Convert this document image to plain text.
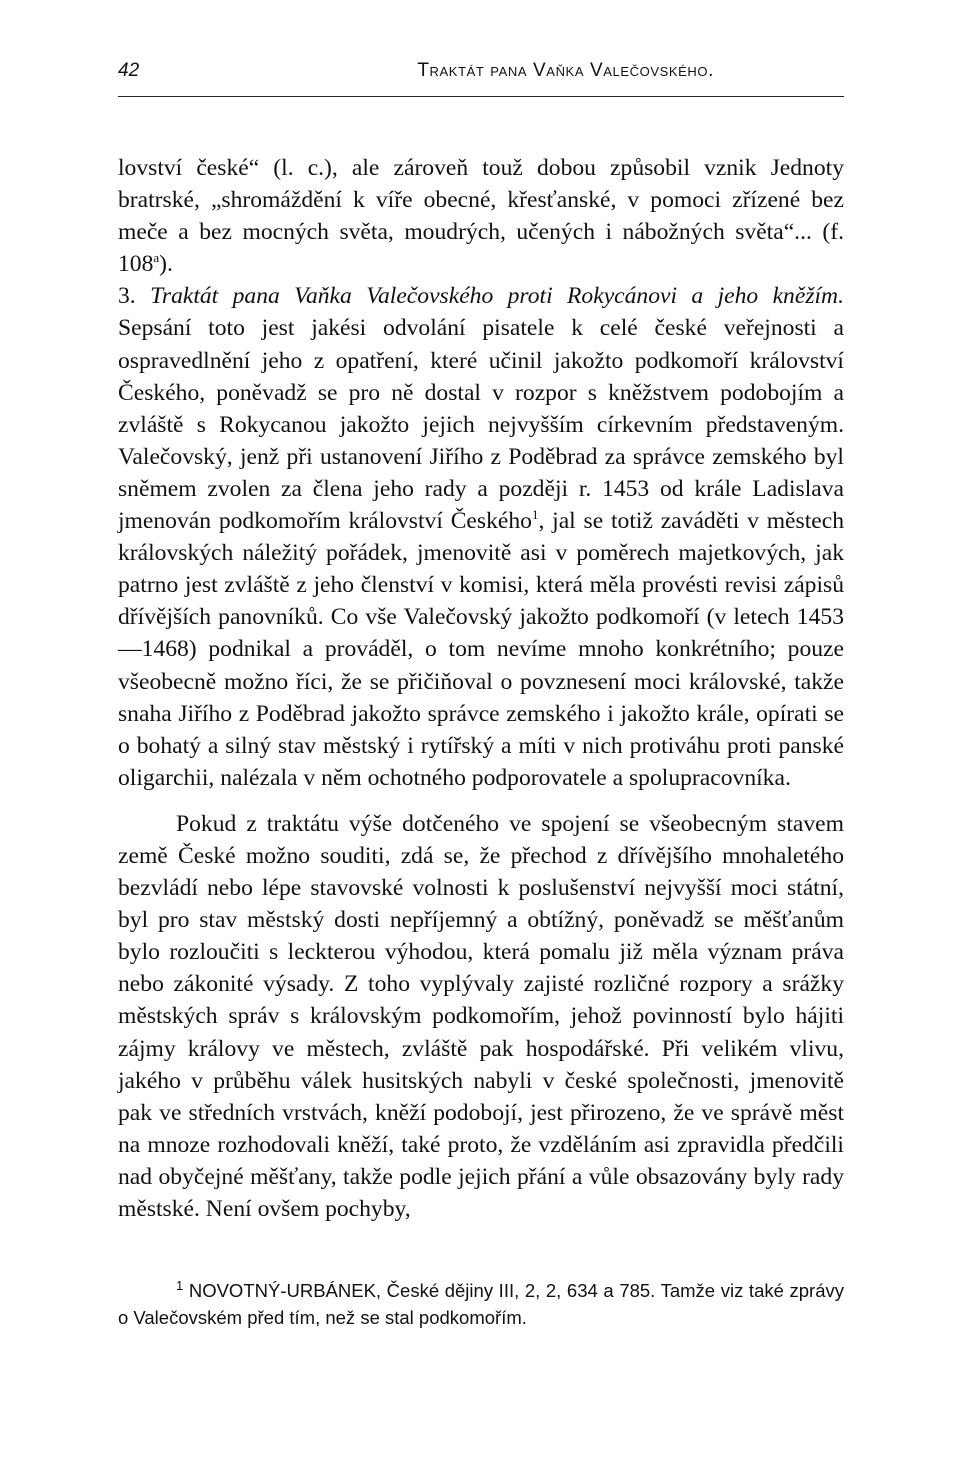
42	Traktát pana Vaňka Valečovského.

lovství české“ (l. c.), ale zároveň touž dobou způsobil vznik Jednoty bratrské, „shromáždění k víře obecné, křesťanské, v pomoci zřízené bez meče a bez mocných světa, moudrých, učených i nábožných světa“... (f. 108$^a$).

3. Traktát pana Vaňka Valečovského proti Rokycánovi a jeho kněžím. Sepsání toto jest jakési odvolání pisatele k celé české veřejnosti a ospravedlnění jeho z opatření, které učinil jakožto podkomoří království Českého, poněvadž se pro ně dostal v rozpor s kněžstvem podobojím a zvláště s Rokycanou jakožto jejich nejvyšším církevním představeným. Valečovský, jenž při ustanovení Jiřího z Poděbrad za správce zemského byl sněmem zvolen za člena jeho rady a později r. 1453 od krále Ladislava jmenován podkomořím království Českého$^1$, jal se totiž zaváděti v městech královských náležitý pořádek, jmenovitě asi v poměrech majetkových, jak patrno jest zvláště z jeho členství v komisi, která měla provésti revisi zápisů dřívějších panovníků. Co vše Valečovský jakožto podkomoří (v letech 1453—1468) podnikal a prováděl, o tom nevíme mnoho konkrétního; pouze všeobecně možno říci, že se přičiňoval o povznesení moci královské, takže snaha Jiřího z Poděbrad jakožto správce zemského i jakožto krále, opírati se o bohatý a silný stav městský i rytířský a míti v nich protiváhu proti panské oligarchii, nalézala v něm ochotného podporovatele a spolupracovníka.

Pokud z traktátu výše dotčeného ve spojení se všeobecným stavem země České možno souditi, zdá se, že přechod z dřívějšího mnohaletého bezvládí nebo lépe stavovské volnosti k poslušenství nejvyšší moci státní, byl pro stav městský dosti nepříjemný a obtížný, poněvadž se měšťanům bylo rozloučiti s leckterou výhodou, která pomalu již měla význam práva nebo zákonité výsady. Z toho vyplývaly zajisté rozličné rozpory a srážky městských správ s královským podkomořím, jehož povinností bylo hájiti zájmy královy ve městech, zvláště pak hospodářské. Při velikém vlivu, jakého v průběhu válek husitských nabyli v české společnosti, jmenovitě pak ve středních vrstvách, kněží podobojí, jest přirozeno, že ve správě měst na mnoze rozhodovali kněží, také proto, že vzděláním asi zpravidla předčili nad obyčejné měšťany, takže podle jejich přání a vůle obsazovány byly rady městské. Není ovšem pochyby,

$^1$ NOVOTNÝ-URBÁNEK, České dějiny III, 2, 2, 634 a 785. Tamže viz také zprávy o Valečovském před tím, než se stal podkomořím.
